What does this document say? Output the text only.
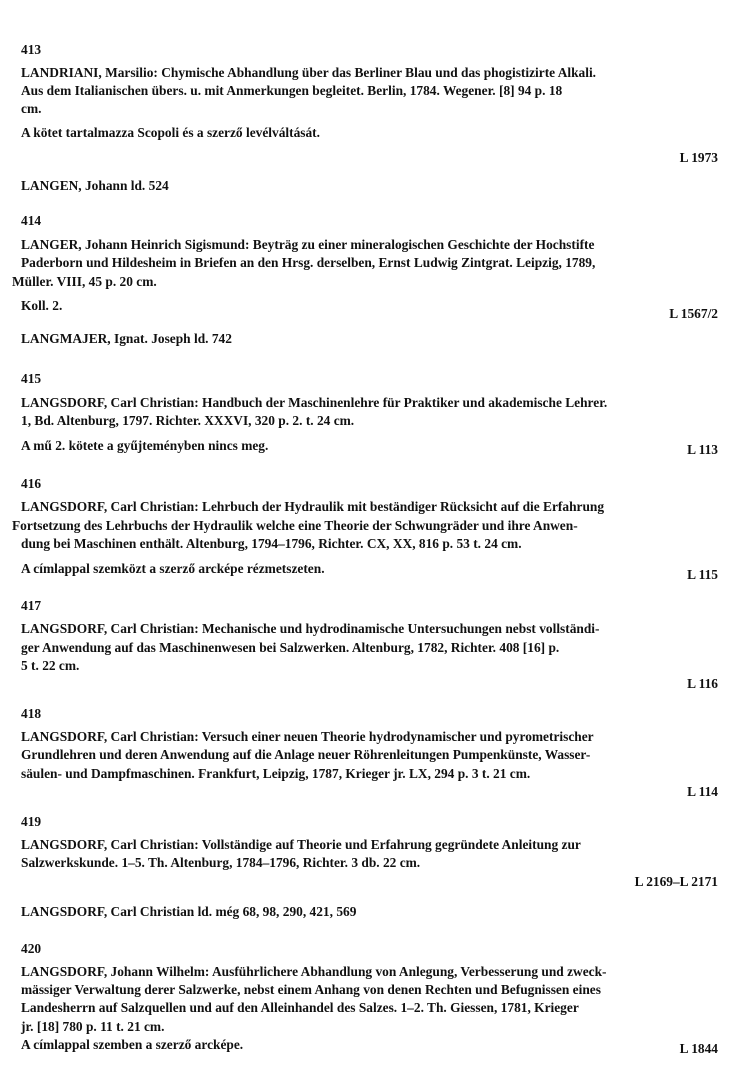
413
LANDRIANI, Marsilio: Chymische Abhandlung über das Berliner Blau und das phogistizirte Alkali.
Aus dem Italianischen übers. u. mit Anmerkungen begleitet. Berlin, 1784. Wegener. [8] 94 p. 18
cm.
A kötet tartalmazza Scopoli és a szerző levélváltását.
L 1973
LANGEN, Johann ld. 524
414
LANGER, Johann Heinrich Sigismund: Beyträg zu einer mineralogischen Geschichte der Hochstifte
Paderborn und Hildesheim in Briefen an den Hrsg. derselben, Ernst Ludwig Zintgrat. Leipzig, 1789,
Müller. VIII, 45 p. 20 cm.
Koll. 2.
L 1567/2
LANGMAJER, Ignat. Joseph ld. 742
415
LANGSDORF, Carl Christian: Handbuch der Maschinenlehre für Praktiker und akademische Lehrer.
1, Bd. Altenburg, 1797. Richter. XXXVI, 320 p. 2. t. 24 cm.
A mű 2. kötete a gyűjteményben nincs meg.	L 113
416
LANGSDORF, Carl Christian: Lehrbuch der Hydraulik mit beständiger Rücksicht auf die Erfahrung
Fortsetzung des Lehrbuchs der Hydraulik welche eine Theorie der Schwungräder und ihre Anwen-
dung bei Maschinen enthält. Altenburg, 1794–1796, Richter. CX, XX, 816 p. 53 t. 24 cm.
A címlappal szemközt a szerző arcképe rézmetszeten.	L 115
417
LANGSDORF, Carl Christian: Mechanische und hydrodinamische Untersuchungen nebst vollständi-
ger Anwendung auf das Maschinenwesen bei Salzwerken. Altenburg, 1782, Richter. 408 [16] p.
5 t. 22 cm.
L 116
418
LANGSDORF, Carl Christian: Versuch einer neuen Theorie hydrodynamischer und pyrometrischer
Grundlehren und deren Anwendung auf die Anlage neuer Röhrenleitungen Pumpenkünste, Wasser-
säulen- und Dampfmaschinen. Frankfurt, Leipzig, 1787, Krieger jr. LX, 294 p. 3 t. 21 cm.
L 114
419
LANGSDORF, Carl Christian: Vollständige auf Theorie und Erfahrung gegründete Anleitung zur
Salzwerkskunde. 1–5. Th. Altenburg, 1784–1796, Richter. 3 db. 22 cm.
L 2169–L 2171
LANGSDORF, Carl Christian ld. még 68, 98, 290, 421, 569
420
LANGSDORF, Johann Wilhelm: Ausführlichere Abhandlung von Anlegung, Verbesserung und zweck-
mässiger Verwaltung derer Salzwerke, nebst einem Anhang von denen Rechten und Befugnissen eines
Landesherrn auf Salzquellen und auf den Alleinhandel des Salzes. 1–2. Th. Giessen, 1781, Krieger
jr. [18] 780 p. 11 t. 21 cm.
A címlappal szemben a szerző arcképe.	L 1844
